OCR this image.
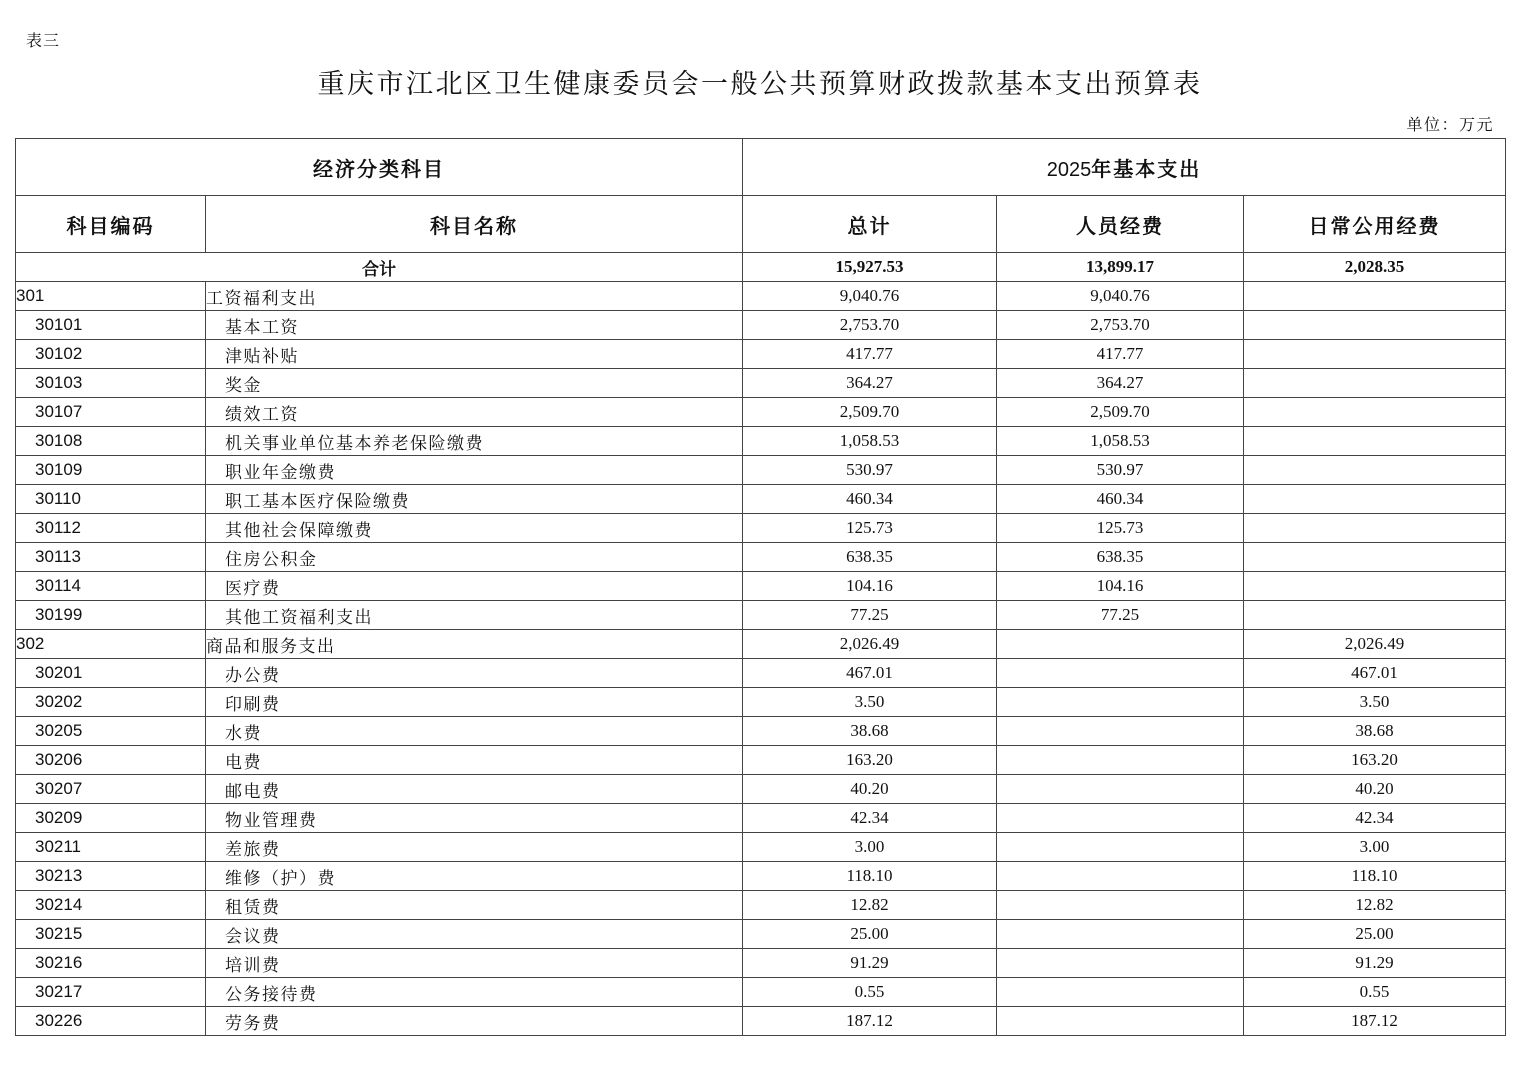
表三
重庆市江北区卫生健康委员会一般公共预算财政拨款基本支出预算表
单位：万元
经济分类科目		2025年基本支出		
科目编码	科目名称	总计	人员经费	日常公用经费
合计		15,927.53	13,899.17	2,028.35
301	工资福利支出	9,040.76	9,040.76	
30101	基本工资	2,753.70	2,753.70	
30102	津贴补贴	417.77	417.77	
30103	奖金	364.27	364.27	
30107	绩效工资	2,509.70	2,509.70	
30108	机关事业单位基本养老保险缴费	1,058.53	1,058.53	
30109	职业年金缴费	530.97	530.97	
30110	职工基本医疗保险缴费	460.34	460.34	
30112	其他社会保障缴费	125.73	125.73	
30113	住房公积金	638.35	638.35	
30114	医疗费	104.16	104.16	
30199	其他工资福利支出	77.25	77.25	
302	商品和服务支出	2,026.49		2,026.49
30201	办公费	467.01		467.01
30202	印刷费	3.50		3.50
30205	水费	38.68		38.68
30206	电费	163.20		163.20
30207	邮电费	40.20		40.20
30209	物业管理费	42.34		42.34
30211	差旅费	3.00		3.00
30213	维修（护）费	118.10		118.10
30214	租赁费	12.82		12.82
30215	会议费	25.00		25.00
30216	培训费	91.29		91.29
30217	公务接待费	0.55		0.55
30226	劳务费	187.12		187.12
